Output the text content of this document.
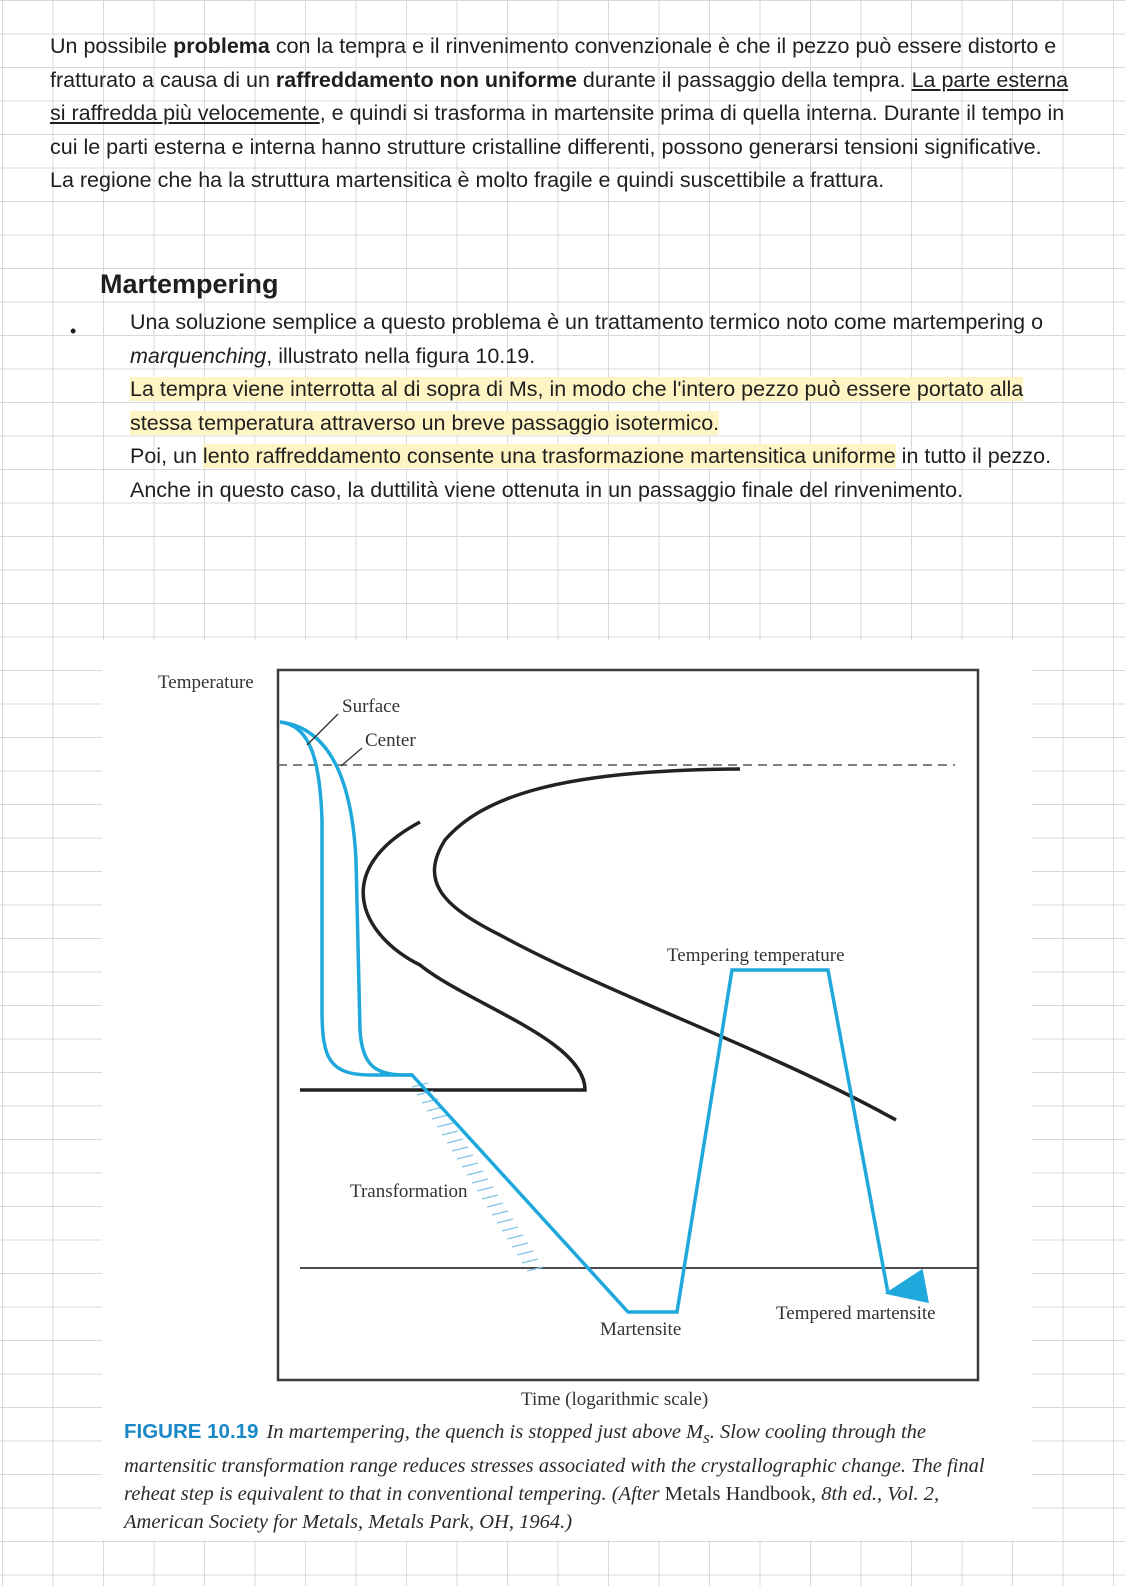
Un possibile problema con la tempra e il rinvenimento convenzionale è che il pezzo può essere distorto e fratturato a causa di un raffreddamento non uniforme durante il passaggio della tempra. La parte esterna si raffredda più velocemente, e quindi si trasforma in martensite prima di quella interna. Durante il tempo in cui le parti esterna e interna hanno strutture cristalline differenti, possono generarsi tensioni significative. La regione che ha la struttura martensitica è molto fragile e quindi suscettibile a frattura.

Martempering
• Una soluzione semplice a questo problema è un trattamento termico noto come martempering o marquenching, illustrato nella figura 10.19.
La tempra viene interrotta al di sopra di Ms, in modo che l'intero pezzo può essere portato alla stessa temperatura attraverso un breve passaggio isotermico.
Poi, un lento raffreddamento consente una trasformazione martensitica uniforme in tutto il pezzo.
Anche in questo caso, la duttilità viene ottenuta in un passaggio finale del rinvenimento.
Temperature
Surface
Center
Tempering temperature
Transformation
Martensite
Tempered martensite
Time (logarithmic scale)
FIGURE 10.19 In martempering, the quench is stopped just above $M_s$. Slow cooling through the martensitic transformation range reduces stresses associated with the crystallographic change. The final reheat step is equivalent to that in conventional tempering. (After Metals Handbook, 8th ed., Vol. 2, American Society for Metals, Metals Park, OH, 1964.)
